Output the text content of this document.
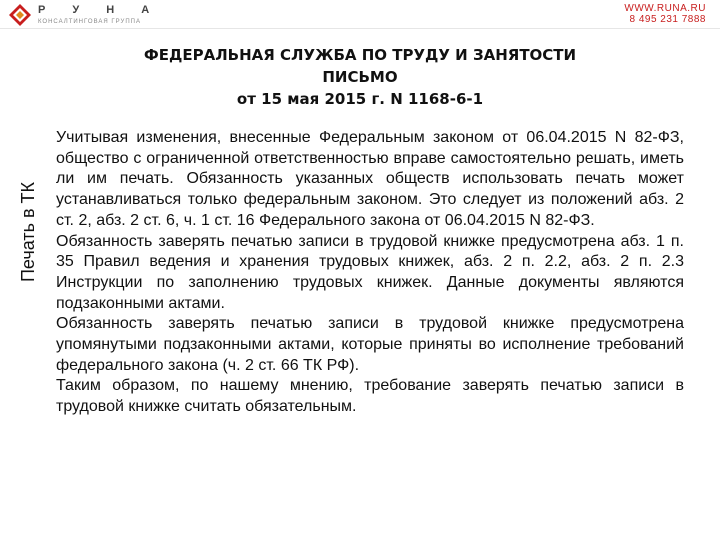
Р У Н А
КОНСАЛТИНГОВАЯ ГРУППА
WWW.RUNA.RU
8 495 231 7888
ФЕДЕРАЛЬНАЯ СЛУЖБА ПО ТРУДУ И ЗАНЯТОСТИ
ПИСЬМО
от 15 мая 2015 г. N 1168-6-1
Печать в ТК

Учитывая изменения, внесенные Федеральным законом от 06.04.2015 N 82-ФЗ, общество с ограниченной ответственностью вправе самостоятельно решать, иметь ли им печать. Обязанность указанных обществ использовать печать может устанавливаться только федеральным законом. Это следует из положений абз. 2 ст. 2, абз. 2 ст. 6, ч. 1 ст. 16 Федерального закона от 06.04.2015 N 82-ФЗ.

Обязанность заверять печатью записи в трудовой книжке предусмотрена абз. 1 п. 35 Правил ведения и хранения трудовых книжек, абз. 2 п. 2.2, абз. 2 п. 2.3 Инструкции по заполнению трудовых книжек. Данные документы являются подзаконными актами.

Обязанность заверять печатью записи в трудовой книжке предусмотрена упомянутыми подзаконными актами, которые приняты во исполнение требований федерального закона (ч. 2 ст. 66 ТК РФ).

Таким образом, по нашему мнению, требование заверять печатью записи в трудовой книжке считать обязательным.
